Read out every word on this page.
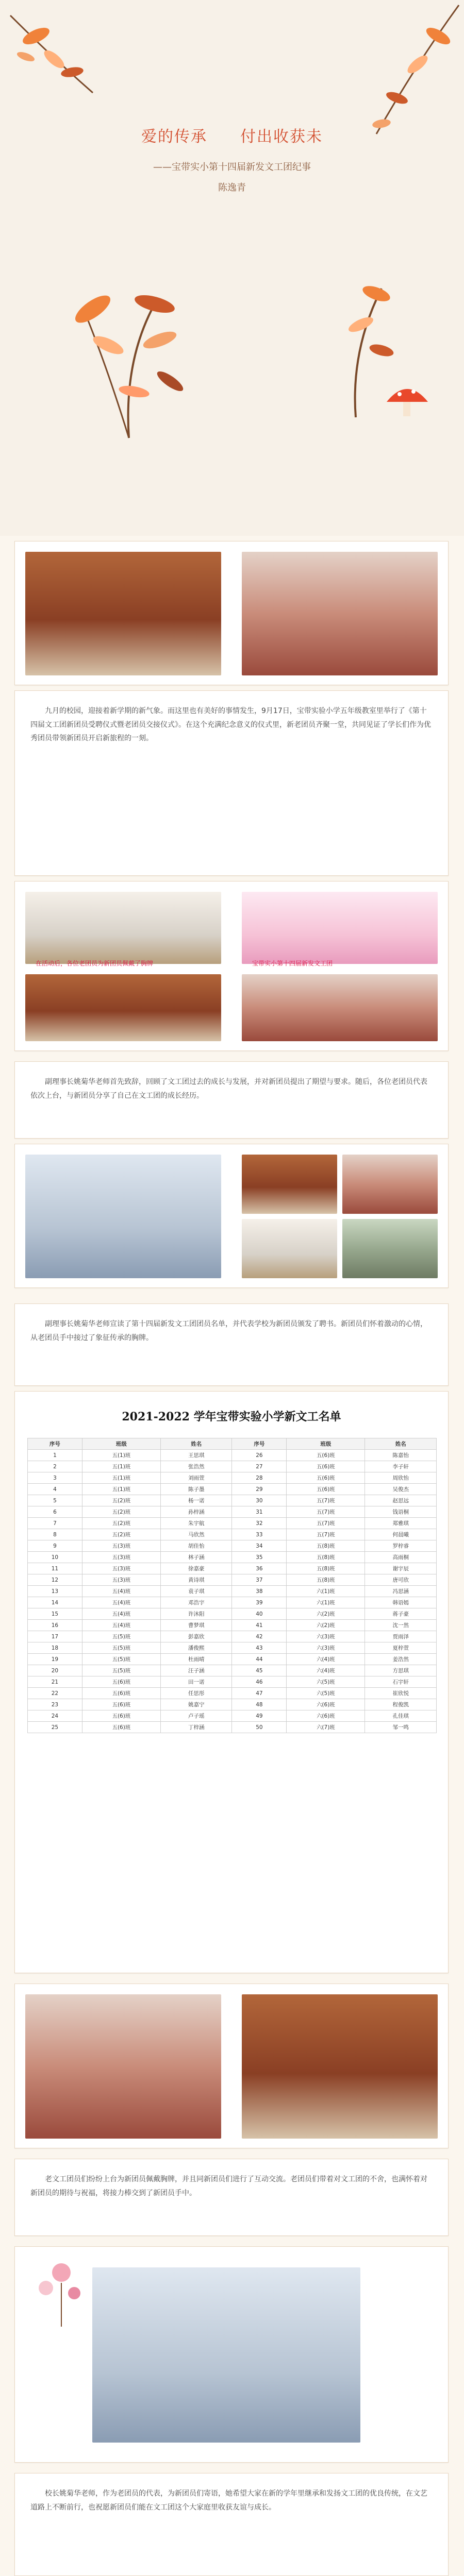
爱的传承　　付出收获未
——宝带实小第十四届新发文工团纪事
陈逸青
九月的校园，迎接着新学期的新气象。而这里也有美好的事情发生，9月17日，宝带实验小学五年级教室里举行了《第十四届文工团新团员受聘仪式暨老团员交接仪式》。在这个充满纪念意义的仪式里，新老团员齐聚一堂，共同见证了学长们作为优秀团员带领新团员开启新旅程的一刻。
在活动后，各位老团员为新团员佩戴了胸牌	宝带实小第十四届新发文工团
副理事长姚菊华老师首先致辞，回顾了文工团过去的成长与发展，并对新团员提出了期望与要求。随后，各位老团员代表依次上台，与新团员分享了自己在文工团的成长经历。
副理事长姚菊华老师宣读了第十四届新发文工团团员名单，并代表学校为新团员颁发了聘书。新团员们怀着激动的心情，从老团员手中接过了象征传承的胸牌。
2021-2022 学年宝带实验小学新文工名单
序号	班级	姓名	序号	班级	姓名
1	五(1)班	王思琪	26	五(6)班	陈嘉怡
2	五(1)班	张浩然	27	五(6)班	李子轩
3	五(1)班	刘雨萱	28	五(6)班	周欣怡
4	五(1)班	陈子墨	29	五(6)班	吴俊杰
5	五(2)班	杨一诺	30	五(7)班	赵思远
6	五(2)班	孙梓涵	31	五(7)班	钱语桐
7	五(2)班	朱宇航	32	五(7)班	郑雅琪
8	五(2)班	马欣然	33	五(7)班	何晨曦
9	五(3)班	胡佳怡	34	五(8)班	罗梓睿
10	五(3)班	林子涵	35	五(8)班	高雨桐
11	五(3)班	徐嘉豪	36	五(8)班	谢宇辰
12	五(3)班	黄诗琪	37	五(8)班	唐可欣
13	五(4)班	袁子琪	38	六(1)班	冯思涵
14	五(4)班	邓浩宇	39	六(1)班	韩语嫣
15	五(4)班	许沐阳	40	六(2)班	蒋子豪
16	五(4)班	曹梦琪	41	六(2)班	沈一然
17	五(5)班	彭嘉欣	42	六(3)班	贾雨泽
18	五(5)班	潘俊熙	43	六(3)班	夏梓萱
19	五(5)班	杜雨晴	44	六(4)班	姜浩然
20	五(5)班	汪子涵	45	六(4)班	方思琪
21	五(6)班	田一诺	46	六(5)班	石宇轩
22	五(6)班	任思彤	47	六(5)班	崔欣悦
23	五(6)班	姚嘉宁	48	六(6)班	程俊凯
24	五(6)班	卢子瑶	49	六(6)班	孔佳琪
25	五(6)班	丁梓涵	50	六(7)班	邹一鸣
老文工团员们纷纷上台为新团员佩戴胸牌，并且同新团员们进行了互动交流。老团员们带着对文工团的不舍，也满怀着对新团员的期待与祝福，将接力棒交到了新团员手中。
校长姚菊华老师，作为老团员的代表，为新团员们寄语，她希望大家在新的学年里继承和发扬文工团的优良传统，在文艺道路上不断前行，也祝愿新团员们能在文工团这个大家庭里收获友谊与成长。
